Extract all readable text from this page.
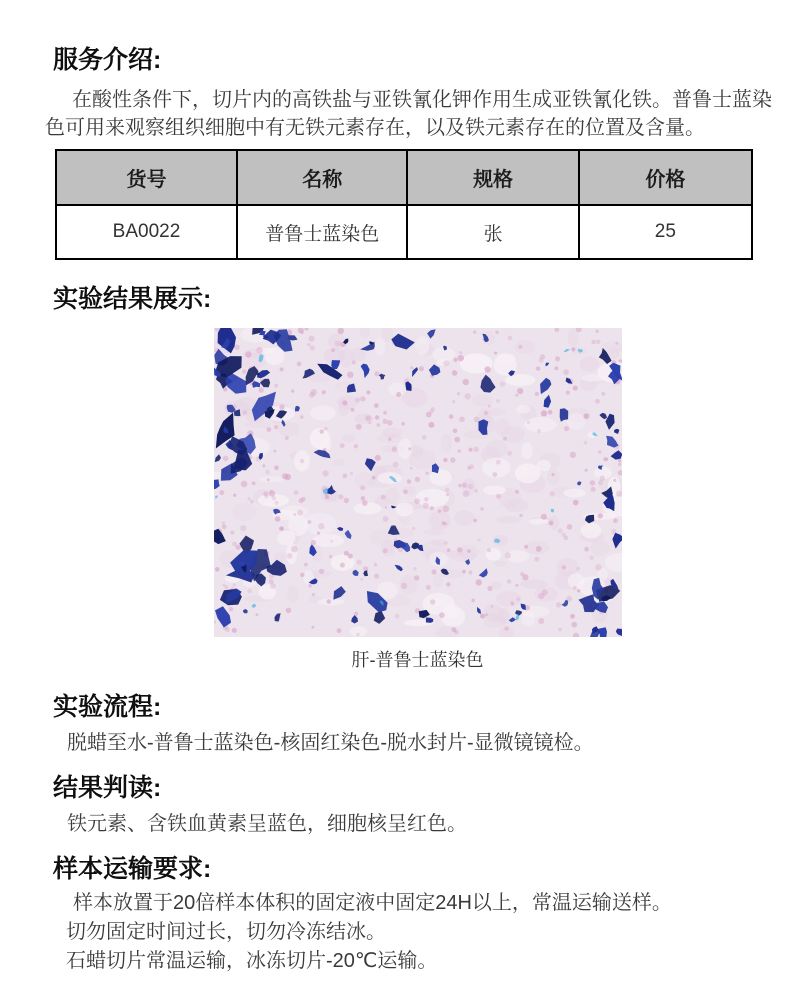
服务介绍:

在酸性条件下，切片内的高铁盐与亚铁氰化钾作用生成亚铁氰化铁。普鲁士蓝染色可用来观察组织细胞中有无铁元素存在，以及铁元素存在的位置及含量。

货号	名称	规格	价格
BA0022	普鲁士蓝染色	张	25
实验结果展示:
肝-普鲁士蓝染色
实验流程:

脱蜡至水-普鲁士蓝染色-核固红染色-脱水封片-显微镜镜检。

结果判读:

铁元素、含铁血黄素呈蓝色，细胞核呈红色。

样本运输要求:

样本放置于20倍样本体积的固定液中固定24H以上，常温运输送样。

切勿固定时间过长，切勿冷冻结冰。

石蜡切片常温运输，冰冻切片-20℃运输。
